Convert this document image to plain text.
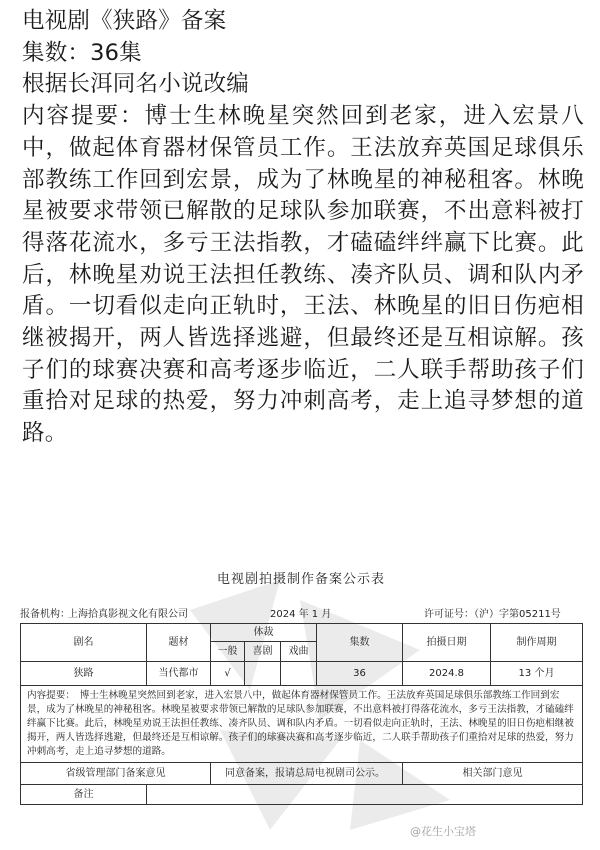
电视剧《狭路》备案

集数：36集

根据长洱同名小说改编

内容提要：博士生林晚星突然回到老家，进入宏景八中，做起体育器材保管员工作。王法放弃英国足球俱乐部教练工作回到宏景，成为了林晚星的神秘租客。林晚星被要求带领已解散的足球队参加联赛，不出意料被打得落花流水，多亏王法指教，才磕磕绊绊赢下比赛。此后，林晚星劝说王法担任教练、凑齐队员、调和队内矛盾。一切看似走向正轨时，王法、林晚星的旧日伤疤相继被揭开，两人皆选择逃避，但最终还是互相谅解。孩子们的球赛决赛和高考逐步临近，二人联手帮助孩子们重拾对足球的热爱，努力冲刺高考，走上追寻梦想的道路。

电视剧拍摄制作备案公示表
报备机构：
上海拾真影视文化有限公司	2024 年 1 月	许可证号：（沪）字第05211号
剧名	题材	体裁			集数	拍摄日期	制作周期
		一般	喜剧	戏曲			
狭路	当代都市	√			36	2024.8	13 个月
内容提要：　博士生林晚星突然回到老家，进入宏景八中，做起体育器材保管员工作。王法放弃英国足球俱乐部教练工作回到宏景，成为了林晚星的神秘租客。林晚星被要求带领已解散的足球队参加联赛，不出意料被打得落花流水，多亏王法指教，才磕磕绊绊赢下比赛。此后，林晚星劝说王法担任教练、凑齐队员、调和队内矛盾。一切看似走向正轨时，王法、林晚星的旧日伤疤相继被揭开，两人皆选择逃避，但最终还是互相谅解。孩子们的球赛决赛和高考逐步临近，二人联手帮助孩子们重拾对足球的热爱，努力冲刺高考，走上追寻梦想的道路。							
省级管理部门备案意见		同意备案，报请总局电视剧司公示。				相关部门意见	
备注							
@花生小宝塔
